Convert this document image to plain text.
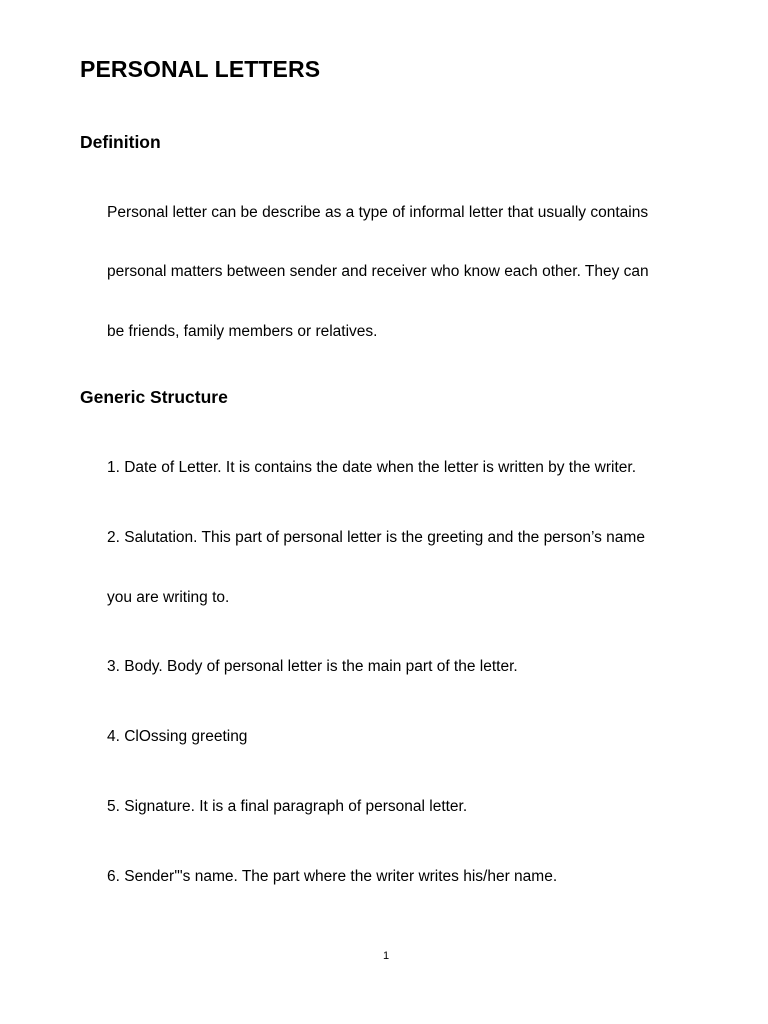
PERSONAL LETTERS
Definition

Personal letter can be describe as a type of informal letter that usually contains

personal matters between sender and receiver who know each other. They can

be friends, family members or relatives.

Generic Structure

1. Date of Letter. It is contains the date when the letter is written by the writer.

2. Salutation. This part of personal letter is the greeting and the person’s name

you are writing to.

3. Body. Body of personal letter is the main part of the letter.

4. ClOssing greeting

5. Signature. It is a final paragraph of personal letter.

6. Sender'"s name. The part where the writer writes his/her name.

1
